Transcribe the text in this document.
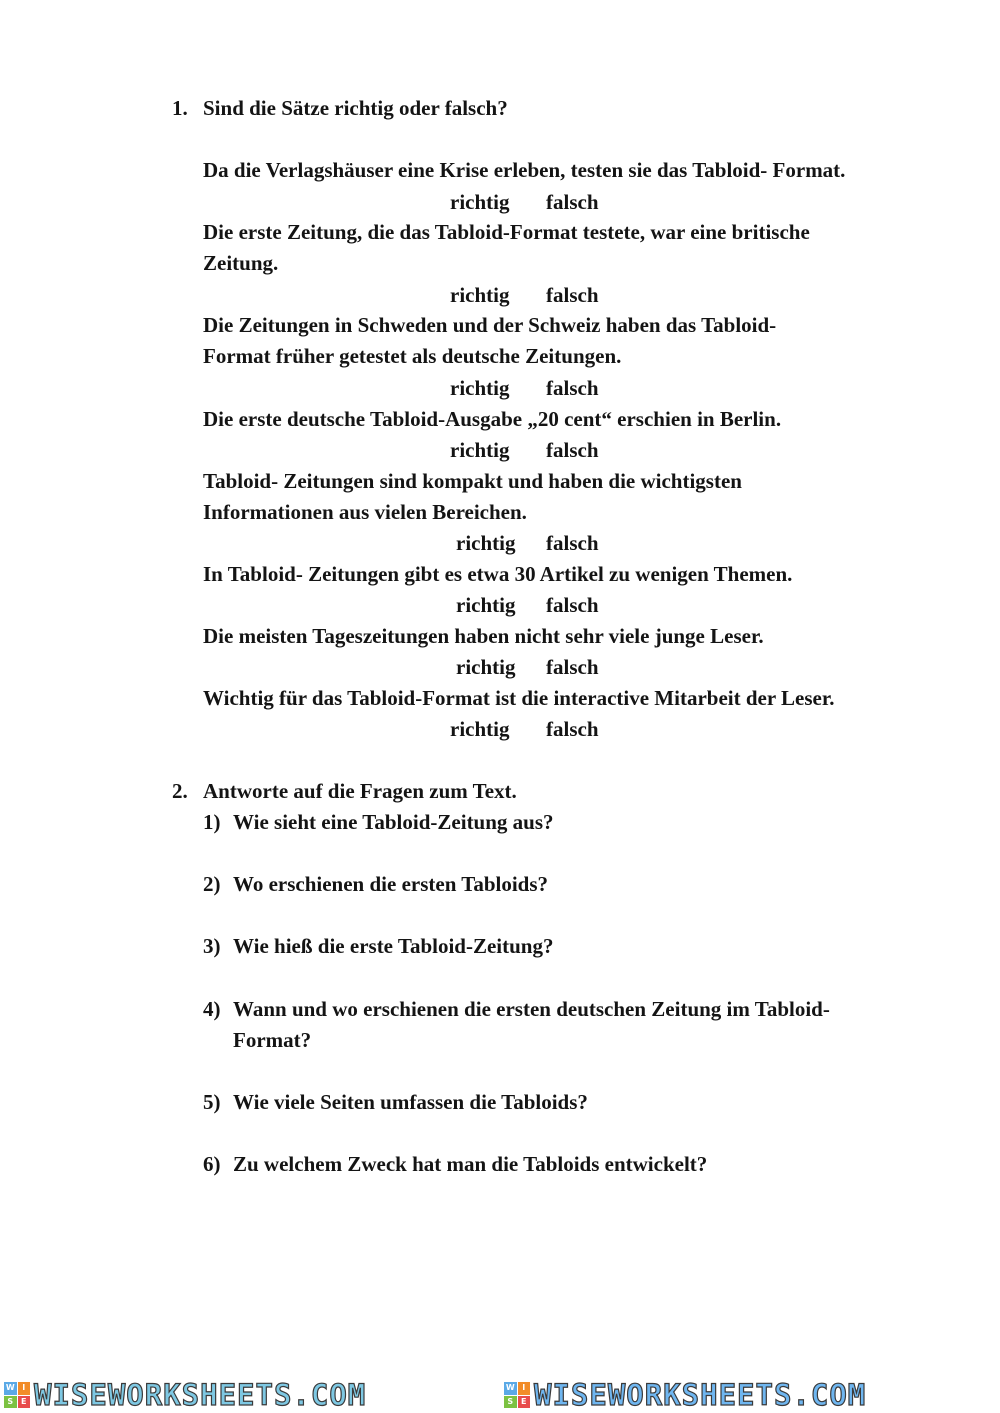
1. Sind die Sätze richtig oder falsch?
Da die Verlagshäuser eine Krise erleben, testen sie das Tabloid- Format.
richtig falsch
Die erste Zeitung, die das Tabloid-Format testete, war eine britische
Zeitung.
richtig falsch
Die Zeitungen in Schweden und der Schweiz haben das Tabloid-
Format früher getestet als deutsche Zeitungen.
richtig falsch
Die erste deutsche Tabloid-Ausgabe „20 cent“ erschien in Berlin.
richtig falsch
Tabloid- Zeitungen sind kompakt und haben die wichtigsten
Informationen aus vielen Bereichen.
richtig falsch
In Tabloid- Zeitungen gibt es etwa 30 Artikel zu wenigen Themen.
richtig falsch
Die meisten Tageszeitungen haben nicht sehr viele junge Leser.
richtig falsch
Wichtig für das Tabloid-Format ist die interactive Mitarbeit der Leser.
richtig falsch
2. Antworte auf die Fragen zum Text.
1) Wie sieht eine Tabloid-Zeitung aus?
2) Wo erschienen die ersten Tabloids?
3) Wie hieß die erste Tabloid-Zeitung?
4) Wann und wo erschienen die ersten deutschen Zeitung im Tabloid-
Format?
5) Wie viele Seiten umfassen die Tabloids?
6) Zu welchem Zweck hat man die Tabloids entwickelt?
W I
S E WISEWORKSHEETS.COM	W I
S E WISEWORKSHEETS.COM
